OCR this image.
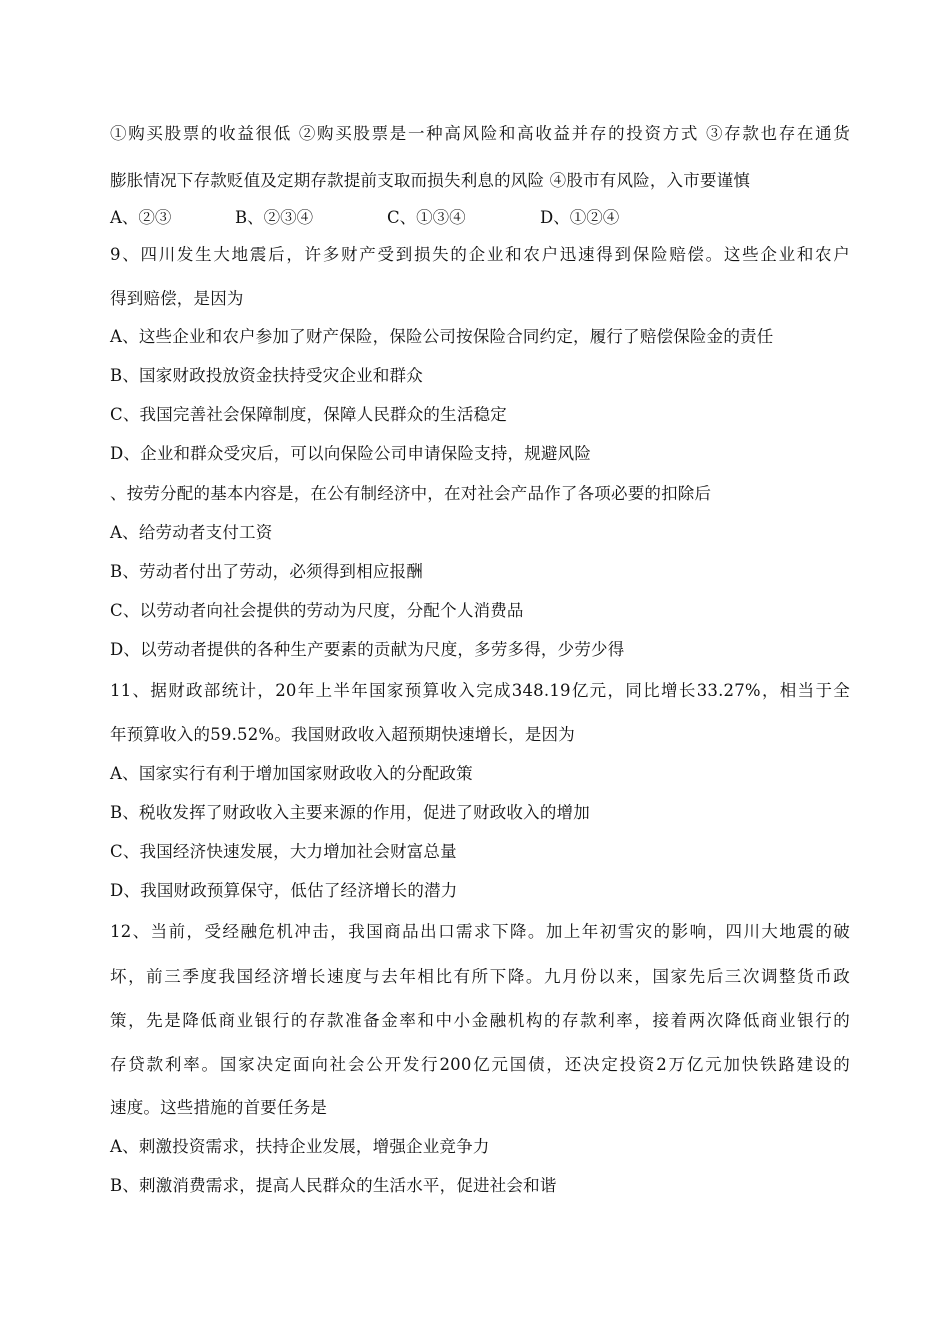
①购买股票的收益很低 ②购买股票是一种高风险和高收益并存的投资方式 ③存款也存在通货
膨胀情况下存款贬值及定期存款提前支取而损失利息的风险 ④股市有风险，入市要谨慎
A、②③	B、②③④	C、①③④	D、①②④
9、四川发生大地震后，许多财产受到损失的企业和农户迅速得到保险赔偿。这些企业和农户
得到赔偿，是因为
A、这些企业和农户参加了财产保险，保险公司按保险合同约定，履行了赔偿保险金的责任
B、国家财政投放资金扶持受灾企业和群众
C、我国完善社会保障制度，保障人民群众的生活稳定
D、企业和群众受灾后，可以向保险公司申请保险支持，规避风险
、按劳分配的基本内容是，在公有制经济中，在对社会产品作了各项必要的扣除后
A、给劳动者支付工资
B、劳动者付出了劳动，必须得到相应报酬
C、以劳动者向社会提供的劳动为尺度，分配个人消费品
D、以劳动者提供的各种生产要素的贡献为尺度，多劳多得，少劳少得
11、据财政部统计，20年上半年国家预算收入完成348.19亿元，同比增长33.27%，相当于全
年预算收入的59.52%。我国财政收入超预期快速增长，是因为
A、国家实行有利于增加国家财政收入的分配政策
B、税收发挥了财政收入主要来源的作用，促进了财政收入的增加
C、我国经济快速发展，大力增加社会财富总量
D、我国财政预算保守，低估了经济增长的潜力
12、当前，受经融危机冲击，我国商品出口需求下降。加上年初雪灾的影响，四川大地震的破
坏，前三季度我国经济增长速度与去年相比有所下降。九月份以来，国家先后三次调整货币政
策，先是降低商业银行的存款准备金率和中小金融机构的存款利率，接着两次降低商业银行的
存贷款利率。国家决定面向社会公开发行200亿元国债，还决定投资2万亿元加快铁路建设的
速度。这些措施的首要任务是
A、刺激投资需求，扶持企业发展，增强企业竞争力
B、刺激消费需求，提高人民群众的生活水平，促进社会和谐
